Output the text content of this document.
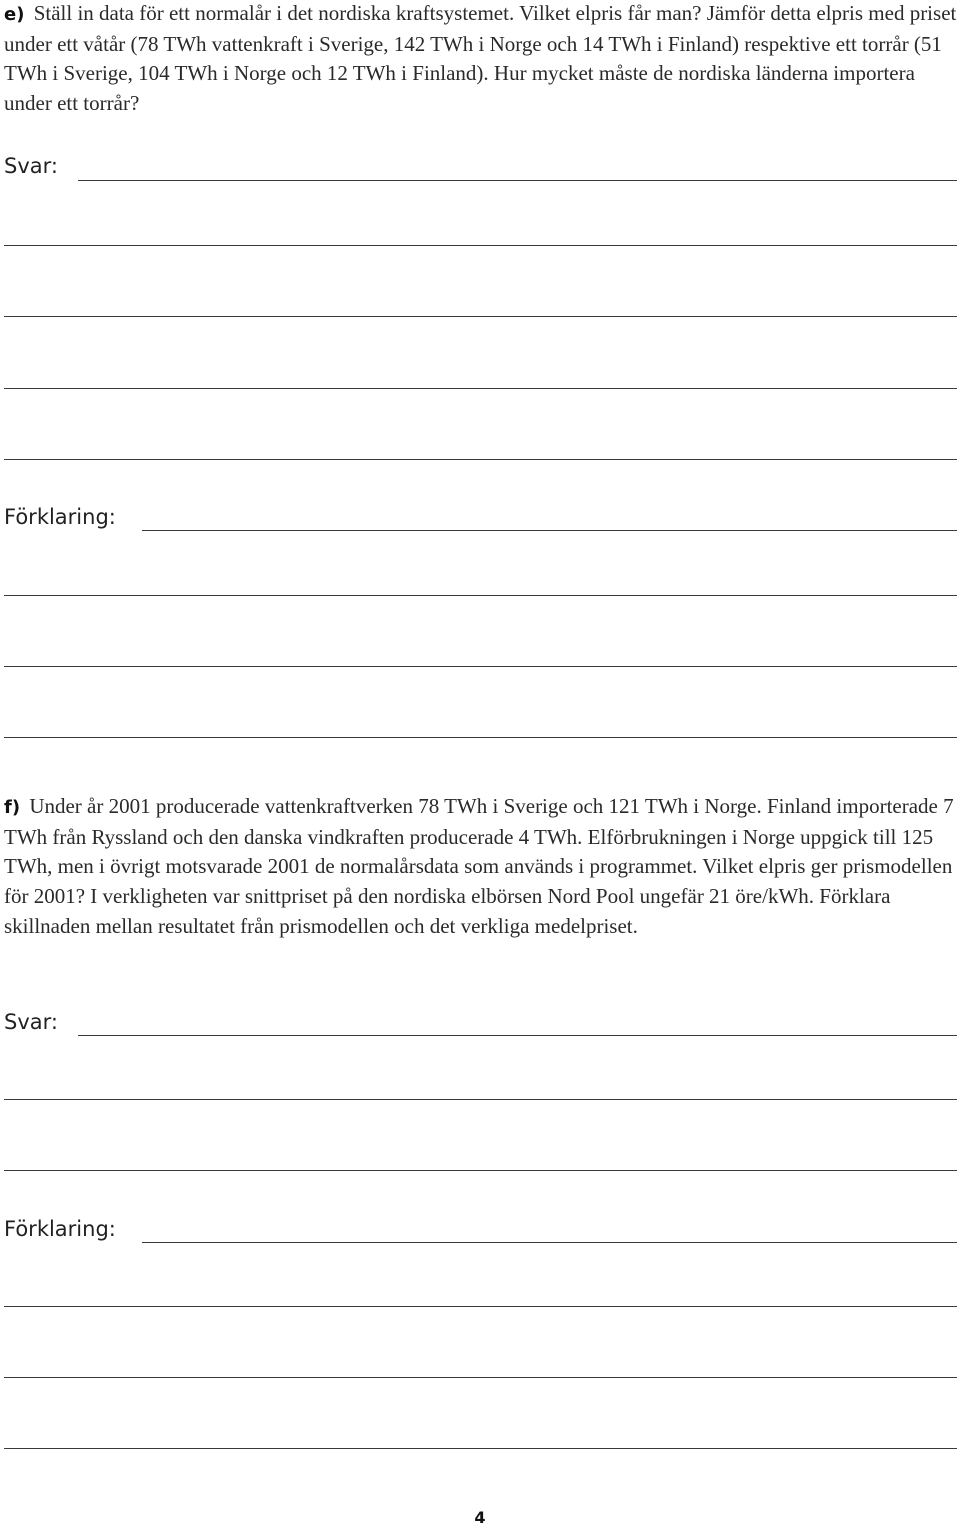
e) Ställ in data för ett normalår i det nordiska kraftsystemet. Vilket elpris får man? Jämför detta elpris med priset under ett våtår (78 TWh vattenkraft i Sverige, 142 TWh i Norge och 14 TWh i Finland) respektive ett torrår (51 TWh i Sverige, 104 TWh i Norge och 12 TWh i Finland). Hur mycket måste de nordiska länderna importera under ett torrår?
Svar:
Förklaring:
f) Under år 2001 producerade vattenkraftverken 78 TWh i Sverige och 121 TWh i Norge. Finland importerade 7 TWh från Ryssland och den danska vindkraften producerade 4 TWh. Elförbrukningen i Norge uppgick till 125 TWh, men i övrigt motsvarade 2001 de normalårsdata som används i programmet. Vilket elpris ger prismodellen för 2001? I verkligheten var snittpriset på den nordiska elbörsen Nord Pool ungefär 21 öre/kWh. Förklara skillnaden mellan resultatet från prismodellen och det verkliga medelpriset.
Svar:
Förklaring:
4
